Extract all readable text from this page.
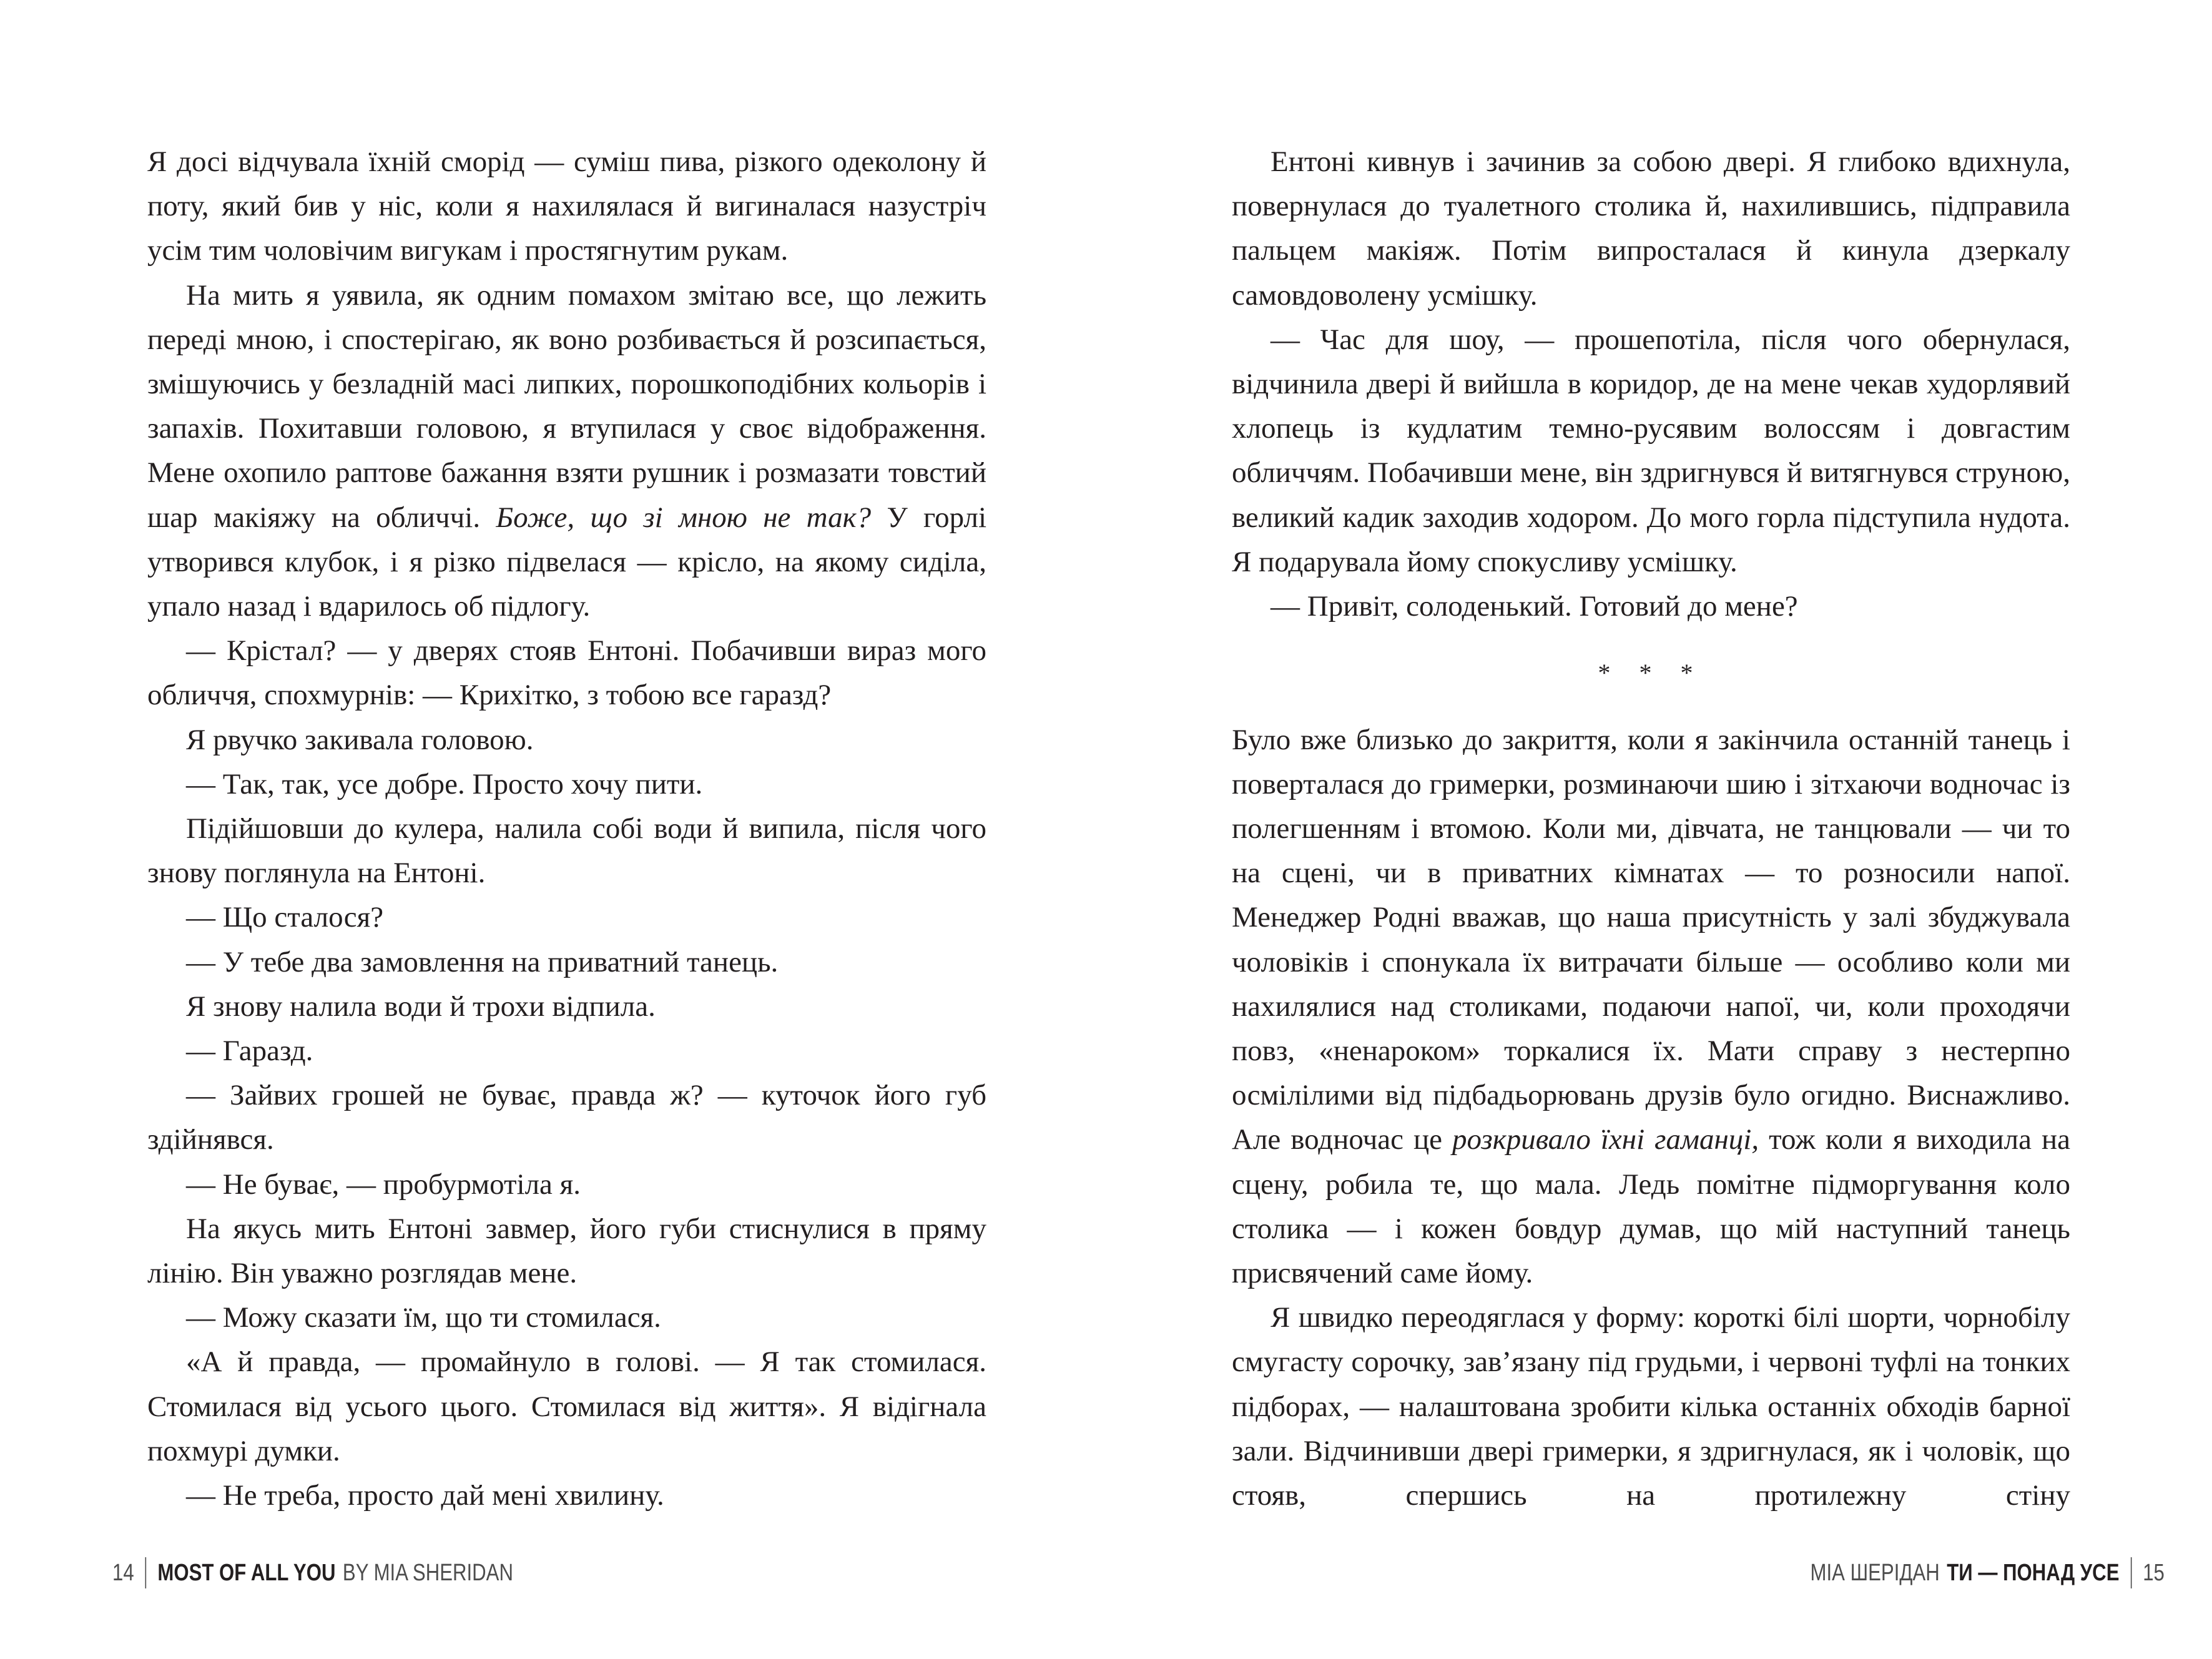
Я досі відчувала їхній сморід — суміш пива, різкого одеколону й поту, який бив у ніс, коли я нахилялася й вигиналася назустріч усім тим чоловічим вигукам і простягнутим рукам.

На мить я уявила, як одним помахом змітаю все, що лежить переді мною, і спостерігаю, як воно розбивається й розсипається, змішуючись у безладній масі липких, порошкоподібних кольорів і запахів. Похитавши головою, я втупилася у своє відображення. Мене охопило раптове бажання взяти рушник і розмазати товстий шар макіяжу на обличчі. Боже, що зі мною не так? У горлі утворився клубок, і я різко підвелася — крісло, на якому сиділа, упало назад і вдарилось об підлогу.

— Крістал? — у дверях стояв Ентоні. Побачивши вираз мого обличчя, спохмурнів: — Крихітко, з тобою все гаразд?

Я рвучко закивала головою.

— Так, так, усе добре. Просто хочу пити.

Підійшовши до кулера, налила собі води й випила, після чого знову поглянула на Ентоні.

— Що сталося?

— У тебе два замовлення на приватний танець.

Я знову налила води й трохи відпила.

— Гаразд.

— Зайвих грошей не буває, правда ж? — куточок його губ здійнявся.

— Не буває, — пробурмотіла я.

На якусь мить Ентоні завмер, його губи стиснулися в пряму лінію. Він уважно розглядав мене.

— Можу сказати їм, що ти стомилася.

«А й правда, — промайнуло в голові. — Я так стомилася. Стомилася від усього цього. Стомилася від життя». Я відігнала похмурі думки.

— Не треба, просто дай мені хвилину.

14 MOST OF ALL YOU BY MIA SHERIDAN

Ентоні кивнув і зачинив за собою двері. Я глибоко вдихнула, повернулася до туалетного столика й, нахилившись, підправила пальцем макіяж. Потім випросталася й кинула дзеркалу самовдоволену усмішку.

— Час для шоу, — прошепотіла, після чого обернулася, відчинила двері й вийшла в коридор, де на мене чекав худорлявий хлопець із кудлатим темно-русявим волоссям і довгастим обличчям. Побачивши мене, він здригнувся й витягнувся струною, великий кадик заходив ходором. До мого горла підступила нудота. Я подарувала йому спокусливу усмішку.

— Привіт, солоденький. Готовий до мене?

* * *

Було вже близько до закриття, коли я закінчила останній танець і поверталася до гримерки, розминаючи шию і зітхаючи водночас із полегшенням і втомою. Коли ми, дівчата, не танцювали — чи то на сцені, чи в приватних кімнатах — то розносили напої. Менеджер Родні вважав, що наша присутність у залі збуджувала чоловіків і спонукала їх витрачати більше — особливо коли ми нахилялися над столиками, подаючи напої, чи, коли проходячи повз, «ненароком» торкалися їх. Мати справу з нестерпно осмілілими від підбадьорювань друзів було огидно. Виснажливо. Але водночас це розкривало їхні гаманці, тож коли я виходила на сцену, робила те, що мала. Ледь помітне підморгування коло столика — і кожен бовдур думав, що мій наступний танець присвячений саме йому.

Я швидко переодяглася у форму: короткі білі шорти, чорнобілу смугасту сорочку, зав’язану під грудьми, і червоні туфлі на тонких підборах, — налаштована зробити кілька останніх обходів барної зали. Відчинивши двері гримерки, я здригнулася, як і чоловік, що стояв, спершись на протилежну стіну

МІА ШЕРІДАН ТИ — ПОНАД УСЕ 15
